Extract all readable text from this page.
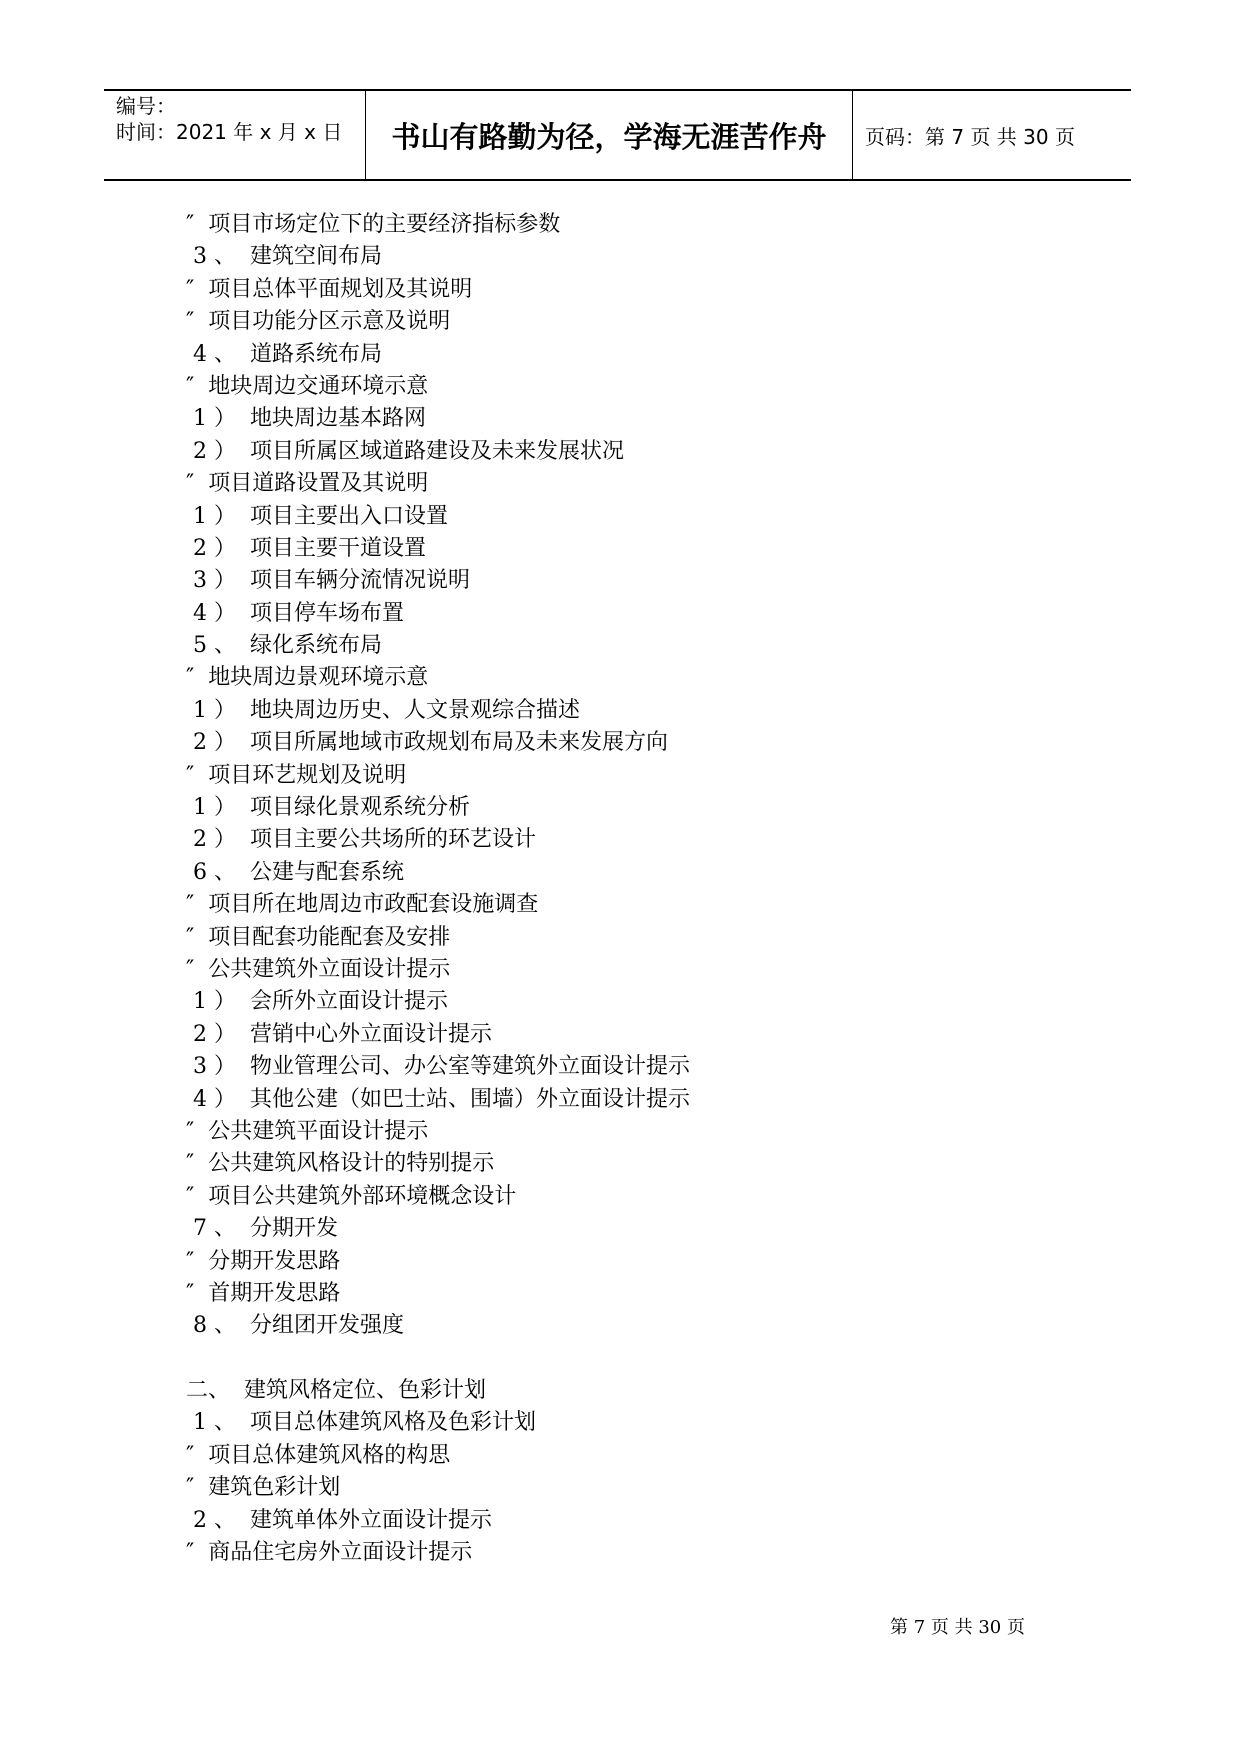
编号：
时间：2021 年 x 月 x 日	书山有路勤为径，学海无涯苦作舟	页码：第 7 页 共 30 页
″  项目市场定位下的主要经济指标参数
3 、  建筑空间布局
″  项目总体平面规划及其说明
″  项目功能分区示意及说明
4 、  道路系统布局
″  地块周边交通环境示意
1 ）  地块周边基本路网
2 ）  项目所属区域道路建设及未来发展状况
″  项目道路设置及其说明
1 ）  项目主要出入口设置
2 ）  项目主要干道设置
3 ）  项目车辆分流情况说明
4 ）  项目停车场布置
5 、  绿化系统布局
″  地块周边景观环境示意
1 ）  地块周边历史、人文景观综合描述
2 ）  项目所属地域市政规划布局及未来发展方向
″  项目环艺规划及说明
1 ）  项目绿化景观系统分析
2 ）  项目主要公共场所的环艺设计
6 、  公建与配套系统
″  项目所在地周边市政配套设施调查
″  项目配套功能配套及安排
″  公共建筑外立面设计提示
1 ）  会所外立面设计提示
2 ）  营销中心外立面设计提示
3 ）  物业管理公司、办公室等建筑外立面设计提示
4 ）  其他公建（如巴士站、围墙）外立面设计提示
″  公共建筑平面设计提示
″  公共建筑风格设计的特别提示
″  项目公共建筑外部环境概念设计
7 、  分期开发
″  分期开发思路
″  首期开发思路
8 、  分组团开发强度
二、  建筑风格定位、色彩计划
1 、  项目总体建筑风格及色彩计划
″  项目总体建筑风格的构思
″  建筑色彩计划
2 、  建筑单体外立面设计提示
″  商品住宅房外立面设计提示
第 7 页 共 30 页
